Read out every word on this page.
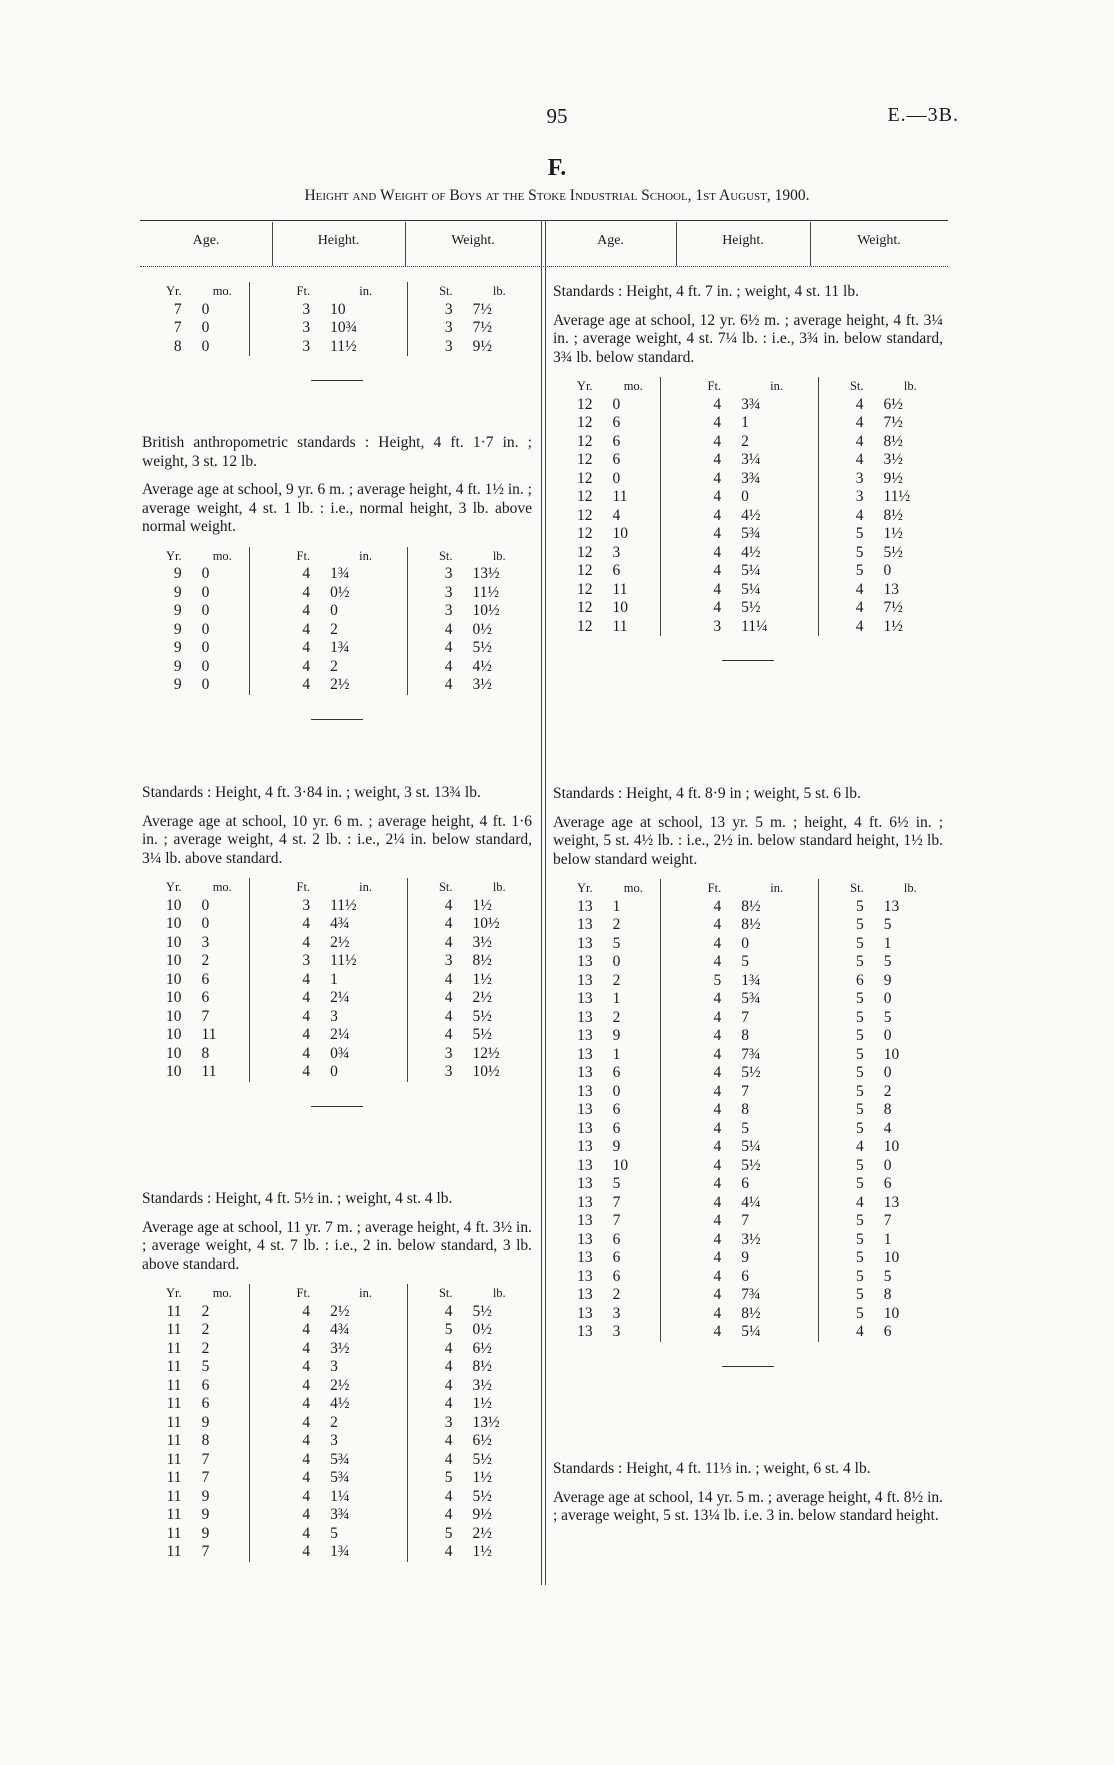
95	E.—3B.
F.
Height and Weight of Boys at the Stoke Industrial School, 1st August, 1900.
Age.	Height.	Weight.	Age.	Height.	Weight.
Yr.	mo.		Ft.	in.		St.	lb.
7	0		3	10		3	7½
7	0		3	10¾		3	7½
8	0		3	11½		3	9½

British anthropometric standards : Height, 4 ft. 1·7 in. ; weight, 3 st. 12 lb.

Average age at school, 9 yr. 6 m. ; average height, 4 ft. 1½ in. ; average weight, 4 st. 1 lb. : i.e., normal height, 3 lb. above normal weight.

Yr.	mo.		Ft.	in.		St.	lb.
9	0		4	1¾		3	13½
9	0		4	0½		3	11½
9	0		4	0		3	10½
9	0		4	2		4	0½
9	0		4	1¾		4	5½
9	0		4	2		4	4½
9	0		4	2½		4	3½

Standards : Height, 4 ft. 3·84 in. ; weight, 3 st. 13¾ lb.

Average age at school, 10 yr. 6 m. ; average height, 4 ft. 1·6 in. ; average weight, 4 st. 2 lb. : i.e., 2¼ in. below standard, 3¼ lb. above standard.

Yr.	mo.		Ft.	in.		St.	lb.
10	0		3	11½		4	1½
10	0		4	4¾		4	10½
10	3		4	2½		4	3½
10	2		3	11½		3	8½
10	6		4	1		4	1½
10	6		4	2¼		4	2½
10	7		4	3		4	5½
10	11		4	2¼		4	5½
10	8		4	0¾		3	12½
10	11		4	0		3	10½

Standards : Height, 4 ft. 5½ in. ; weight, 4 st. 4 lb.

Average age at school, 11 yr. 7 m. ; average height, 4 ft. 3½ in. ; average weight, 4 st. 7 lb. : i.e., 2 in. below standard, 3 lb. above standard.

Yr.	mo.		Ft.	in.		St.	lb.
11	2		4	2½		4	5½
11	2		4	4¾		5	0½
11	2		4	3½		4	6½
11	5		4	3		4	8½
11	6		4	2½		4	3½
11	6		4	4½		4	1½
11	9		4	2		3	13½
11	8		4	3		4	6½
11	7		4	5¾		4	5½
11	7		4	5¾		5	1½
11	9		4	1¼		4	5½
11	9		4	3¾		4	9½
11	9		4	5		5	2½
11	7		4	1¾		4	1½

Standards : Height, 4 ft. 7 in. ; weight, 4 st. 11 lb.

Average age at school, 12 yr. 6½ m. ; average height, 4 ft. 3¼ in. ; average weight, 4 st. 7¼ lb. : i.e., 3¾ in. below standard, 3¾ lb. below standard.

Yr.	mo.		Ft.	in.		St.	lb.
12	0		4	3¾		4	6½
12	6		4	1		4	7½
12	6		4	2		4	8½
12	6		4	3¼		4	3½
12	0		4	3¾		3	9½
12	11		4	0		3	11½
12	4		4	4½		4	8½
12	10		4	5¾		5	1½
12	3		4	4½		5	5½
12	6		4	5¼		5	0
12	11		4	5¼		4	13
12	10		4	5½		4	7½
12	11		3	11¼		4	1½

Standards : Height, 4 ft. 8·9 in ; weight, 5 st. 6 lb.

Average age at school, 13 yr. 5 m. ; height, 4 ft. 6½ in. ; weight, 5 st. 4½ lb. : i.e., 2½ in. below standard height, 1½ lb. below standard weight.

Yr.	mo.		Ft.	in.		St.	lb.
13	1		4	8½		5	13
13	2		4	8½		5	5
13	5		4	0		5	1
13	0		4	5		5	5
13	2		5	1¾		6	9
13	1		4	5¾		5	0
13	2		4	7		5	5
13	9		4	8		5	0
13	1		4	7¾		5	10
13	6		4	5½		5	0
13	0		4	7		5	2
13	6		4	8		5	8
13	6		4	5		5	4
13	9		4	5¼		4	10
13	10		4	5½		5	0
13	5		4	6		5	6
13	7		4	4¼		4	13
13	7		4	7		5	7
13	6		4	3½		5	1
13	6		4	9		5	10
13	6		4	6		5	5
13	2		4	7¾		5	8
13	3		4	8½		5	10
13	3		4	5¼		4	6

Standards : Height, 4 ft. 11⅓ in. ; weight, 6 st. 4 lb.

Average age at school, 14 yr. 5 m. ; average height, 4 ft. 8½ in. ; average weight, 5 st. 13¼ lb. i.e. 3 in. below standard height.
